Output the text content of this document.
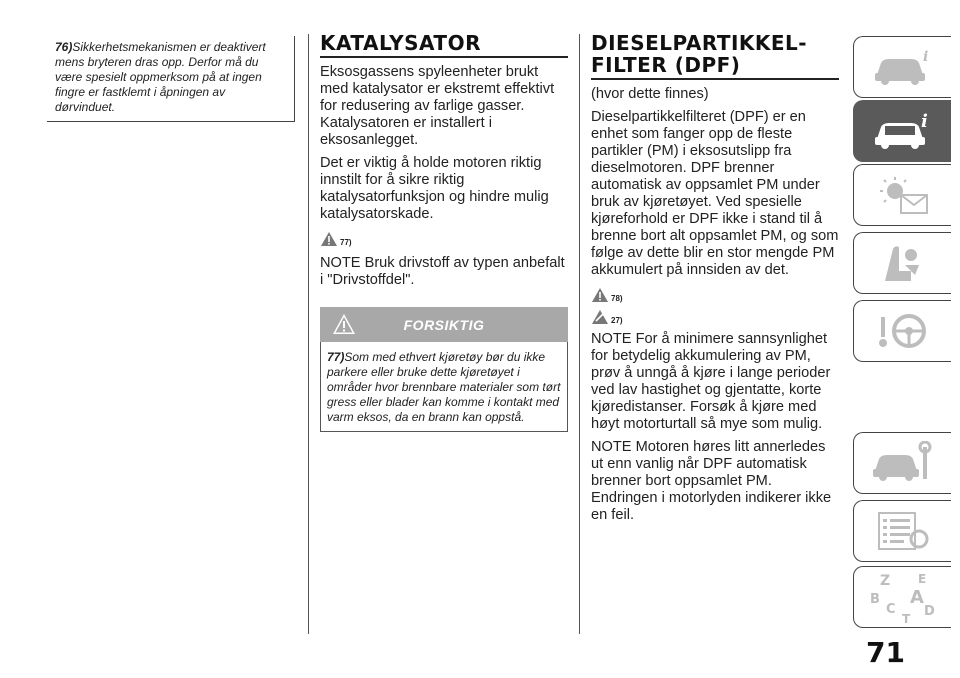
76)Sikkerhetsmekanismen er deaktivert mens bryteren dras opp. Derfor må du være spesielt oppmerksom på at ingen fingre er fastklemt i åpningen av dørvinduet.
KATALYSATOR

Eksosgassens spyleenheter brukt med katalysator er ekstremt effektivt for redusering av farlige gasser. Katalysatoren er installert i eksosanlegget.

Det er viktig å holde motoren riktig innstilt for å sikre riktig katalysatorfunksjon og hindre mulig katalysatorskade.

77)

NOTE Bruk drivstoff av typen anbefalt i "Drivstoffdel".

FORSIKTIG
77)Som med ethvert kjøretøy bør du ikke parkere eller bruke dette kjøretøyet i områder hvor brennbare materialer som tørt gress eller blader kan komme i kontakt med varm eksos, da en brann kan oppstå.
DIESELPARTIKKEL-
FILTER (DPF)

(hvor dette finnes)

Dieselpartikkelfilteret (DPF) er en enhet som fanger opp de fleste partikler (PM) i eksosutslipp fra dieselmotoren. DPF brenner automatisk av oppsamlet PM under bruk av kjøretøyet. Ved spesielle kjøreforhold er DPF ikke i stand til å brenne bort alt oppsamlet PM, og som følge av dette blir en stor mengde PM akkumulert på innsiden av det.

78)
27)

NOTE For å minimere sannsynlighet for betydelig akkumulering av PM, prøv å unngå å kjøre i lange perioder ved lav hastighet og gjentatte, korte kjøredistanser. Forsøk å kjøre med høyt motorturtall så mye som mulig.

NOTE Motoren høres litt annerledes ut enn vanlig når DPF automatisk brenner bort oppsamlet PM. Endringen i motorlyden indikerer ikke en feil.

i
i
Z E
B A
C D
T
71
